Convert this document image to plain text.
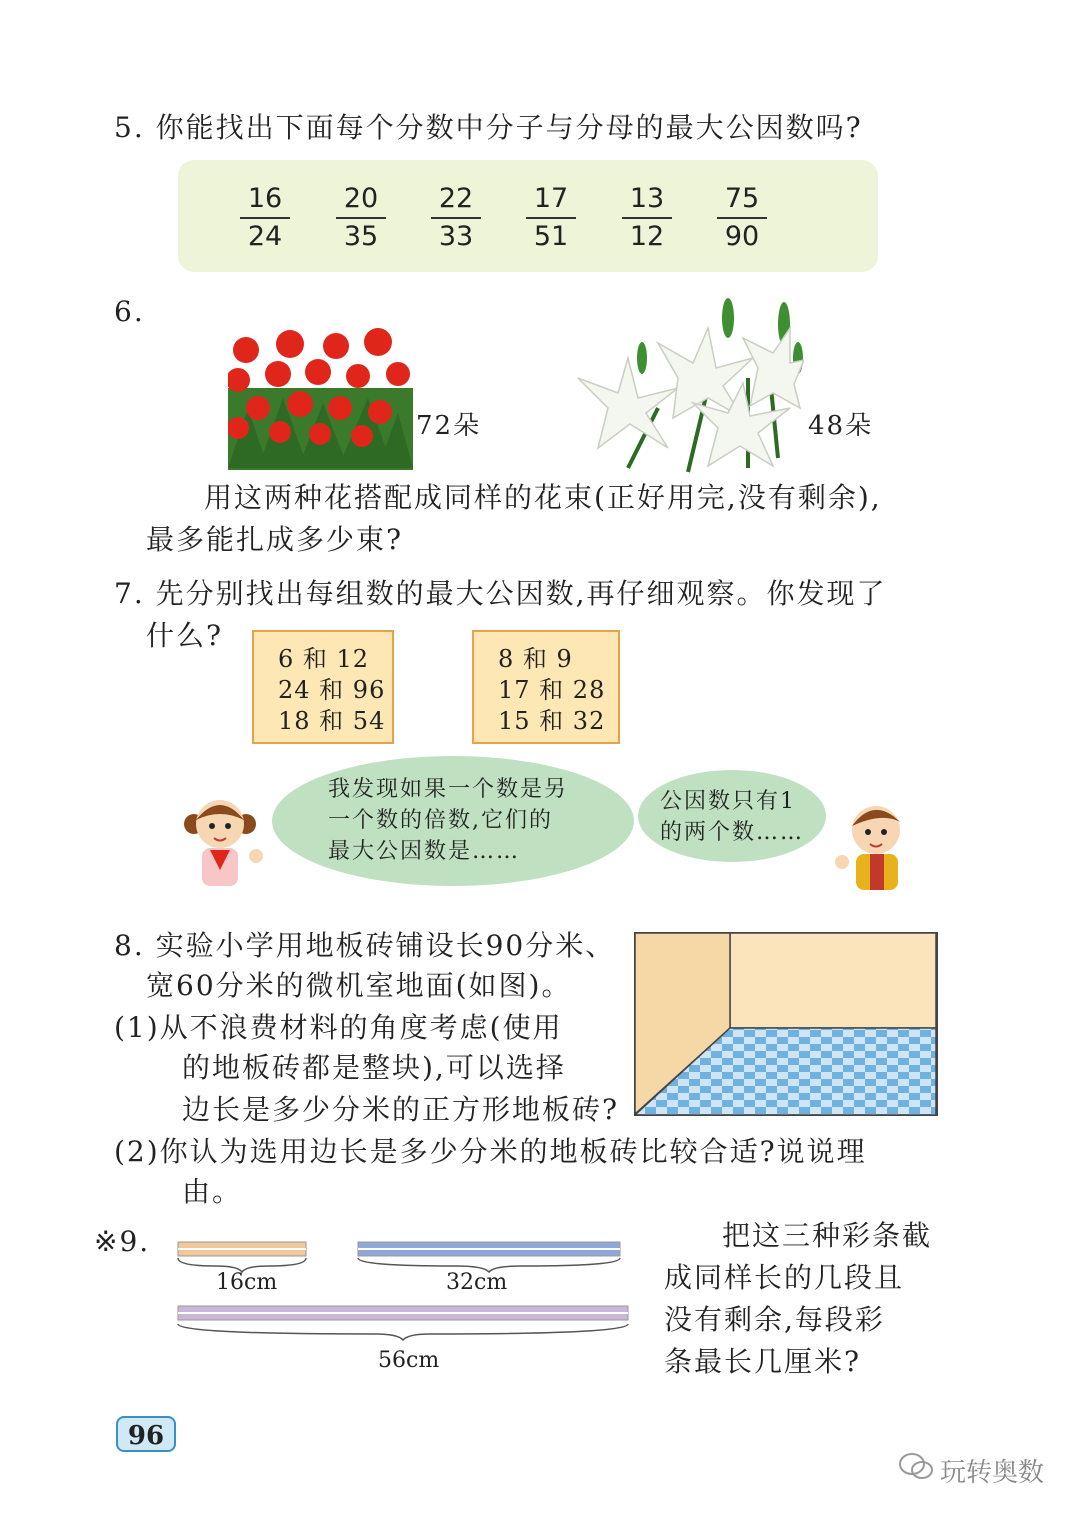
5. 你能找出下面每个分数中分子与分母的最大公因数吗?
$\frac{16}{24} \frac{20}{35} \frac{22}{33} \frac{17}{51} \frac{13}{12} \frac{75}{90}$
6.
72朵	48朵
用这两种花搭配成同样的花束(正好用完,没有剩余),
最多能扎成多少束?
7. 先分别找出每组数的最大公因数,再仔细观察。你发现了
什么?
6 和 12
24 和 96
18 和 54
8 和 9
17 和 28
15 和 32
我发现如果一个数是另
一个数的倍数,它们的
最大公因数是……
公因数只有1
的两个数……
8. 实验小学用地板砖铺设长90分米、
宽60分米的微机室地面(如图)。
(1)从不浪费材料的角度考虑(使用
的地板砖都是整块),可以选择
边长是多少分米的正方形地板砖?
(2)你认为选用边长是多少分米的地板砖比较合适?说说理
由。
※9.
16cm	32cm
56cm
把这三种彩条截
成同样长的几段且
没有剩余,每段彩
条最长几厘米?
96
玩转奥数
